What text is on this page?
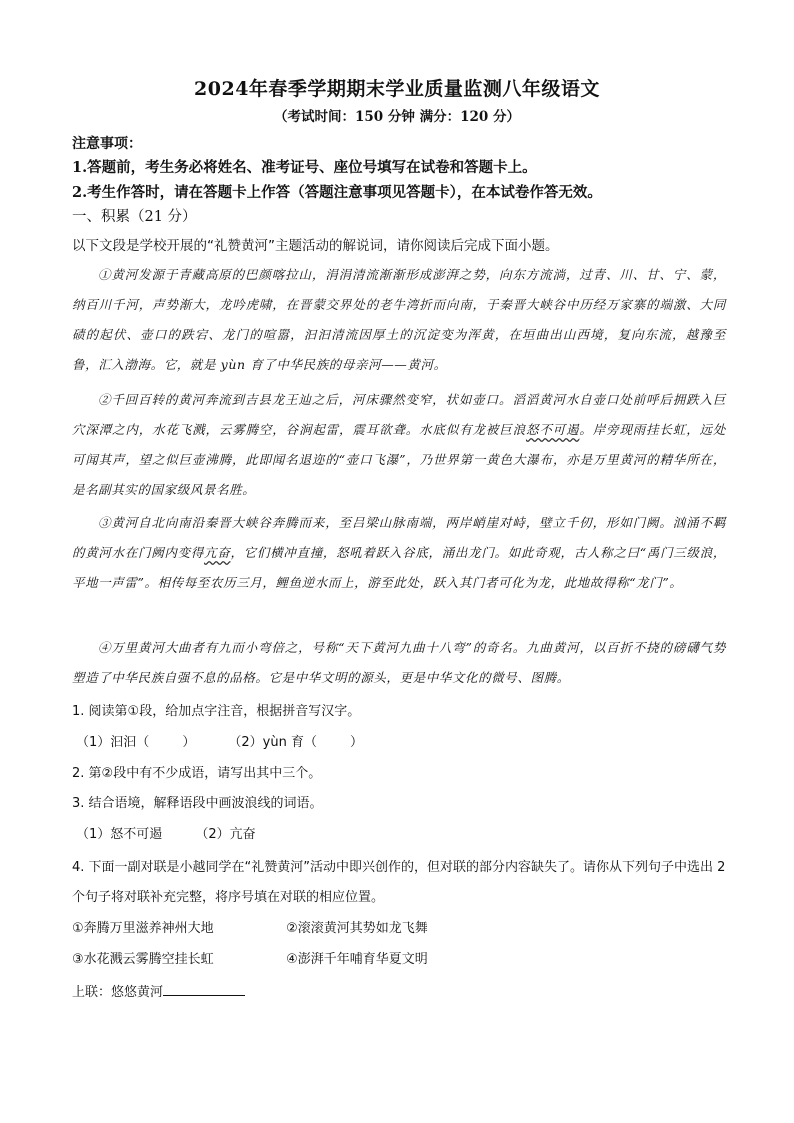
2024年春季学期期末学业质量监测八年级语文
（考试时间：150 分钟 满分：120 分）
注意事项：
1.答题前，考生务必将姓名、准考证号、座位号填写在试卷和答题卡上。
2.考生作答时，请在答题卡上作答（答题注意事项见答题卡），在本试卷作答无效。
一、积累（21 分）
以下文段是学校开展的“礼赞黄河”主题活动的解说词，请你阅读后完成下面小题。
①黄河发源于青藏高原的巴颜喀拉山，涓涓清流渐渐形成澎湃之势，向东方流淌，过青、川、甘、宁、蒙，纳百川千河，声势渐大，龙吟虎啸，在晋蒙交界处的老牛湾折而向南，于秦晋大峡谷中历经万家寨的端激、大同碛的起伏、壶口的跌宕、龙门的喧嚣，汩汩清流因厚土的沉淀变为浑黄，在垣曲出山西境，复向东流，越豫至鲁，汇入渤海。它，就是 yùn 育了中华民族的母亲河——黄河。
②千回百转的黄河奔流到吉县龙王辿之后，河床骤然变窄，状如壶口。滔滔黄河水自壶口处前呼后拥跌入巨穴深潭之内，水花飞溅，云雾腾空，谷涧起雷，震耳欲聋。水底似有龙被巨浪怒不可遏。岸旁现雨挂长虹，远处可闻其声，望之似巨壶沸腾，此即闻名退迩的“壶口飞瀑”，乃世界第一黄色大瀑布，亦是万里黄河的精华所在，是名副其实的国家级风景名胜。
③黄河自北向南沿秦晋大峡谷奔腾而来，至吕梁山脉南端，两岸峭崖对峙，壁立千仞，形如门阙。汹涌不羁的黄河水在门阙内变得亢奋，它们横冲直撞，怒吼着跃入谷底，涌出龙门。如此奇观，古人称之曰“禹门三级浪，平地一声雷”。相传每至农历三月，鲤鱼逆水而上，游至此处，跃入其门者可化为龙，此地故得称“龙门”。
④万里黄河大曲者有九而小弯倍之，号称“天下黄河九曲十八弯”的奇名。九曲黄河，以百折不挠的磅礴气势塑造了中华民族自强不息的品格。它是中华文明的源头，更是中华文化的微号、图腾。
1. 阅读第①段，给加点字注音，根据拼音写汉字。
（1）汩汩（        ）        （2）yùn 育（        ）
2. 第②段中有不少成语，请写出其中三个。
3. 结合语境，解释语段中画波浪线的词语。
（1）怒不可遏        （2）亢奋
4. 下面一副对联是小越同学在“礼赞黄河”活动中即兴创作的，但对联的部分内容缺失了。请你从下列句子中选出 2 个句子将对联补充完整，将序号填在对联的相应位置。
①奔腾万里滋养神州大地	②滚滚黄河其势如龙飞舞
③水花溅云雾腾空挂长虹	④澎湃千年哺育华夏文明
上联：悠悠黄河
